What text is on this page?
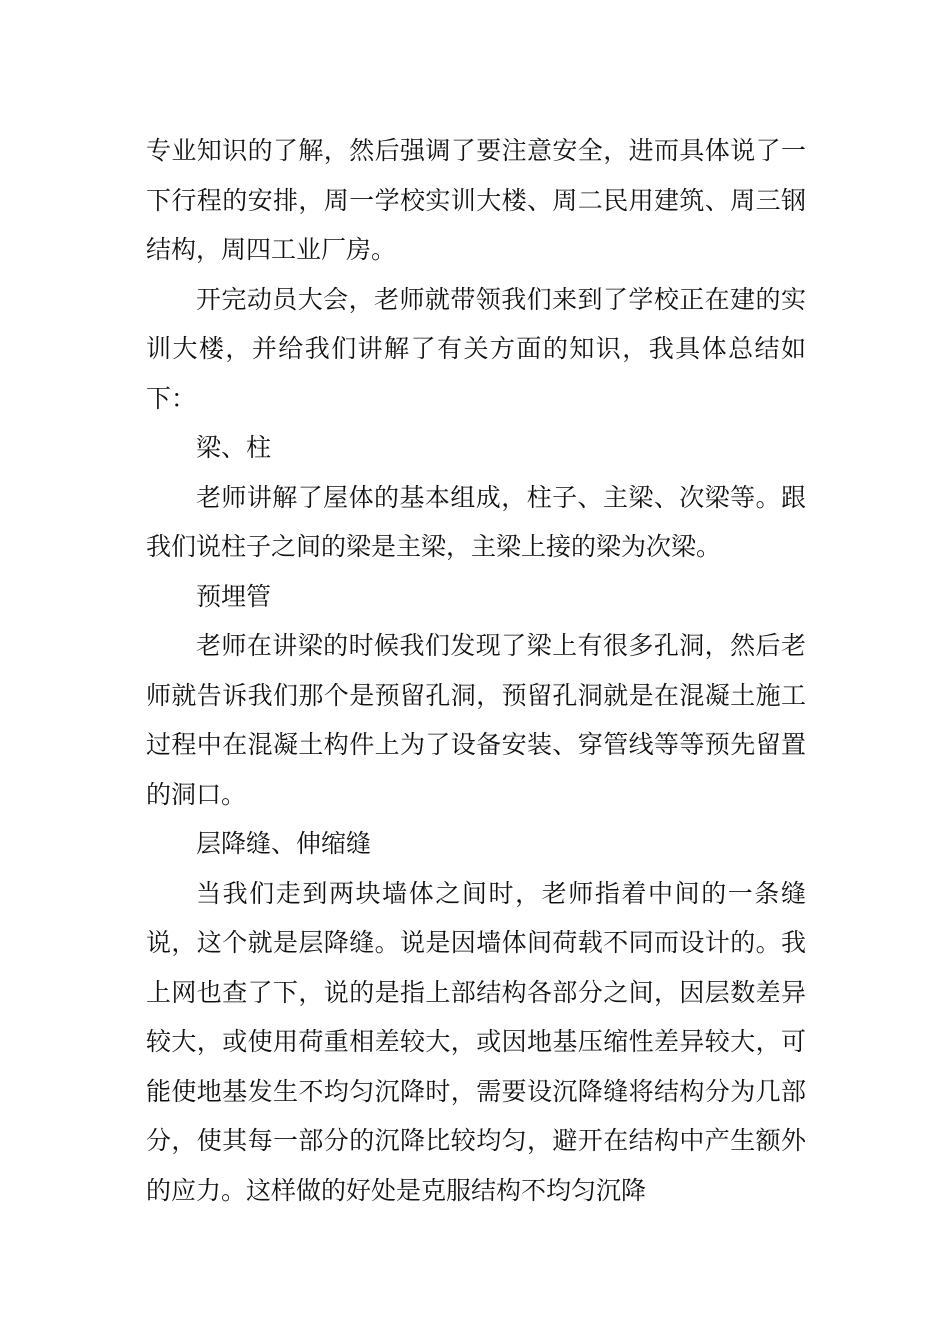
专业知识的了解，然后强调了要注意安全，进而具体说了一下行程的安排，周一学校实训大楼、周二民用建筑、周三钢结构，周四工业厂房。

开完动员大会，老师就带领我们来到了学校正在建的实训大楼，并给我们讲解了有关方面的知识，我具体总结如下：

梁、柱

老师讲解了屋体的基本组成，柱子、主梁、次梁等。跟我们说柱子之间的梁是主梁，主梁上接的梁为次梁。

预埋管

老师在讲梁的时候我们发现了梁上有很多孔洞，然后老师就告诉我们那个是预留孔洞，预留孔洞就是在混凝土施工过程中在混凝土构件上为了设备安装、穿管线等等预先留置的洞口。

层降缝、伸缩缝

当我们走到两块墙体之间时，老师指着中间的一条缝说，这个就是层降缝。说是因墙体间荷载不同而设计的。我上网也查了下，说的是指上部结构各部分之间，因层数差异较大，或使用荷重相差较大，或因地基压缩性差异较大，可能使地基发生不均匀沉降时，需要设沉降缝将结构分为几部分，使其每一部分的沉降比较均匀，避开在结构中产生额外的应力。这样做的好处是克服结构不均匀沉降
